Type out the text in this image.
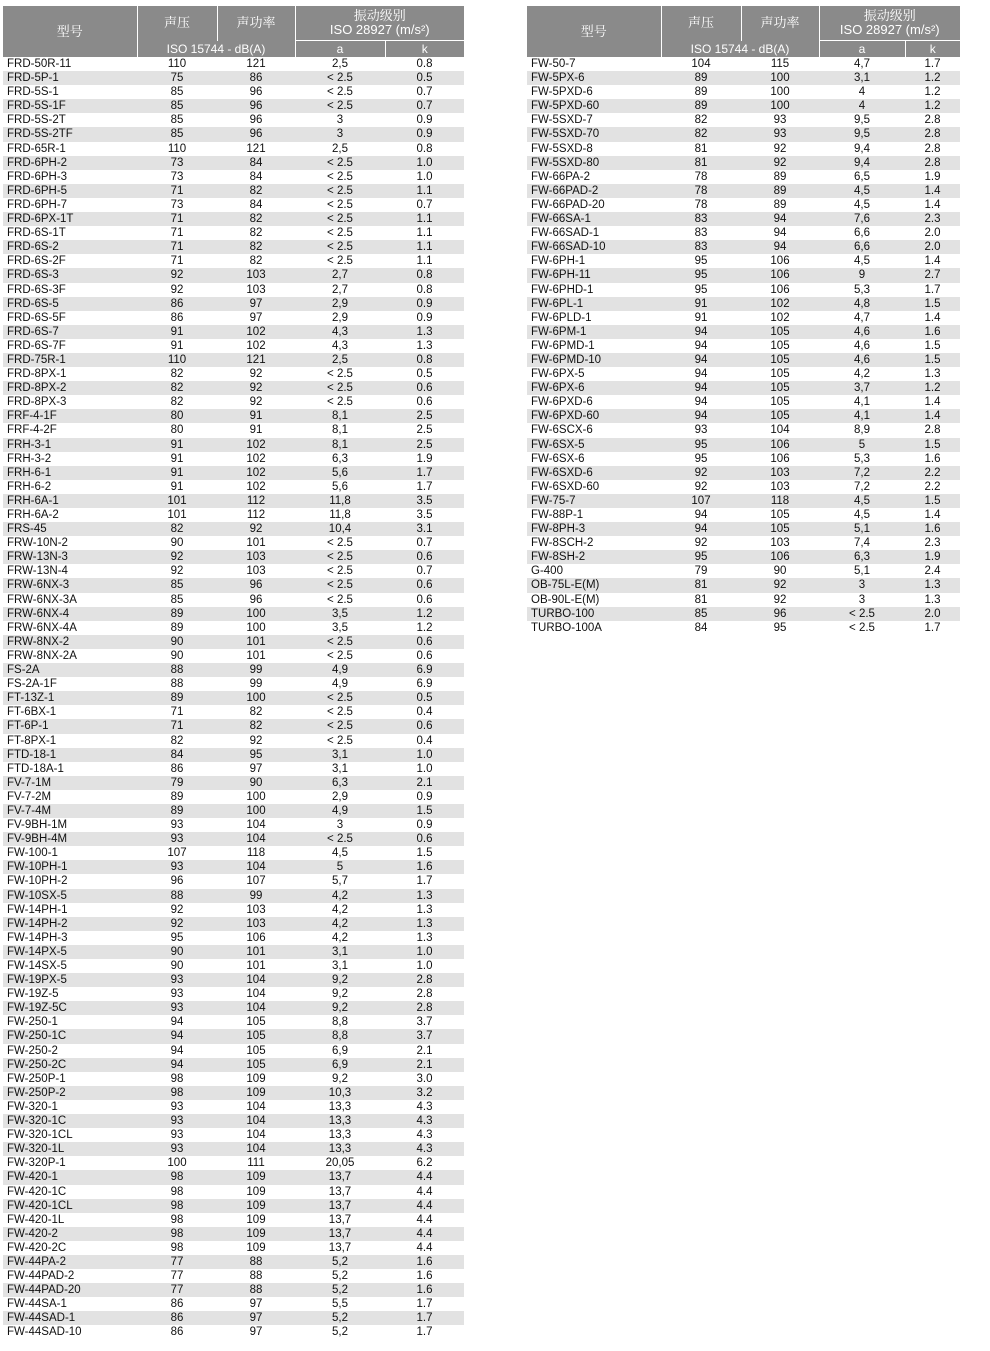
型号	声压	声功率	振动级别
ISO 28927 (m/s²)	

	ISO 15744 - dB(A)		a	k
FRD-50R-11	110	121	2,5	0.8
FRD-5P-1	75	86	< 2.5	0.5
FRD-5S-1	85	96	< 2.5	0.7
FRD-5S-1F	85	96	< 2.5	0.7
FRD-5S-2T	85	96	3	0.9
FRD-5S-2TF	85	96	3	0.9
FRD-65R-1	110	121	2,5	0.8
FRD-6PH-2	73	84	< 2.5	1.0
FRD-6PH-3	73	84	< 2.5	1.0
FRD-6PH-5	71	82	< 2.5	1.1
FRD-6PH-7	73	84	< 2.5	0.7
FRD-6PX-1T	71	82	< 2.5	1.1
FRD-6S-1T	71	82	< 2.5	1.1
FRD-6S-2	71	82	< 2.5	1.1
FRD-6S-2F	71	82	< 2.5	1.1
FRD-6S-3	92	103	2,7	0.8
FRD-6S-3F	92	103	2,7	0.8
FRD-6S-5	86	97	2,9	0.9
FRD-6S-5F	86	97	2,9	0.9
FRD-6S-7	91	102	4,3	1.3
FRD-6S-7F	91	102	4,3	1.3
FRD-75R-1	110	121	2,5	0.8
FRD-8PX-1	82	92	< 2.5	0.5
FRD-8PX-2	82	92	< 2.5	0.6
FRD-8PX-3	82	92	< 2.5	0.6
FRF-4-1F	80	91	8,1	2.5
FRF-4-2F	80	91	8,1	2.5
FRH-3-1	91	102	8,1	2.5
FRH-3-2	91	102	6,3	1.9
FRH-6-1	91	102	5,6	1.7
FRH-6-2	91	102	5,6	1.7
FRH-6A-1	101	112	11,8	3.5
FRH-6A-2	101	112	11,8	3.5
FRS-45	82	92	10,4	3.1
FRW-10N-2	90	101	< 2.5	0.7
FRW-13N-3	92	103	< 2.5	0.6
FRW-13N-4	92	103	< 2.5	0.7
FRW-6NX-3	85	96	< 2.5	0.6
FRW-6NX-3A	85	96	< 2.5	0.6
FRW-6NX-4	89	100	3,5	1.2
FRW-6NX-4A	89	100	3,5	1.2
FRW-8NX-2	90	101	< 2.5	0.6
FRW-8NX-2A	90	101	< 2.5	0.6
FS-2A	88	99	4,9	6.9
FS-2A-1F	88	99	4,9	6.9
FT-13Z-1	89	100	< 2.5	0.5
FT-6BX-1	71	82	< 2.5	0.4
FT-6P-1	71	82	< 2.5	0.6
FT-8PX-1	82	92	< 2.5	0.4
FTD-18-1	84	95	3,1	1.0
FTD-18A-1	86	97	3,1	1.0
FV-7-1M	79	90	6,3	2.1
FV-7-2M	89	100	2,9	0.9
FV-7-4M	89	100	4,9	1.5
FV-9BH-1M	93	104	3	0.9
FV-9BH-4M	93	104	< 2.5	0.6
FW-100-1	107	118	4,5	1.5
FW-10PH-1	93	104	5	1.6
FW-10PH-2	96	107	5,7	1.7
FW-10SX-5	88	99	4,2	1.3
FW-14PH-1	92	103	4,2	1.3
FW-14PH-2	92	103	4,2	1.3
FW-14PH-3	95	106	4,2	1.3
FW-14PX-5	90	101	3,1	1.0
FW-14SX-5	90	101	3,1	1.0
FW-19PX-5	93	104	9,2	2.8
FW-19Z-5	93	104	9,2	2.8
FW-19Z-5C	93	104	9,2	2.8
FW-250-1	94	105	8,8	3.7
FW-250-1C	94	105	8,8	3.7
FW-250-2	94	105	6,9	2.1
FW-250-2C	94	105	6,9	2.1
FW-250P-1	98	109	9,2	3.0
FW-250P-2	98	109	10,3	3.2
FW-320-1	93	104	13,3	4.3
FW-320-1C	93	104	13,3	4.3
FW-320-1CL	93	104	13,3	4.3
FW-320-1L	93	104	13,3	4.3
FW-320P-1	100	111	20,05	6.2
FW-420-1	98	109	13,7	4.4
FW-420-1C	98	109	13,7	4.4
FW-420-1CL	98	109	13,7	4.4
FW-420-1L	98	109	13,7	4.4
FW-420-2	98	109	13,7	4.4
FW-420-2C	98	109	13,7	4.4
FW-44PA-2	77	88	5,2	1.6
FW-44PAD-2	77	88	5,2	1.6
FW-44PAD-20	77	88	5,2	1.6
FW-44SA-1	86	97	5,5	1.7
FW-44SAD-1	86	97	5,2	1.7
FW-44SAD-10	86	97	5,2	1.7
型号	声压	声功率	振动级别
ISO 28927 (m/s²)	

	ISO 15744 - dB(A)		a	k
FW-50-7	104	115	4,7	1.7
FW-5PX-6	89	100	3,1	1.2
FW-5PXD-6	89	100	4	1.2
FW-5PXD-60	89	100	4	1.2
FW-5SXD-7	82	93	9,5	2.8
FW-5SXD-70	82	93	9,5	2.8
FW-5SXD-8	81	92	9,4	2.8
FW-5SXD-80	81	92	9,4	2.8
FW-66PA-2	78	89	6,5	1.9
FW-66PAD-2	78	89	4,5	1.4
FW-66PAD-20	78	89	4,5	1.4
FW-66SA-1	83	94	7,6	2.3
FW-66SAD-1	83	94	6,6	2.0
FW-66SAD-10	83	94	6,6	2.0
FW-6PH-1	95	106	4,5	1.4
FW-6PH-11	95	106	9	2.7
FW-6PHD-1	95	106	5,3	1.7
FW-6PL-1	91	102	4,8	1.5
FW-6PLD-1	91	102	4,7	1.4
FW-6PM-1	94	105	4,6	1.6
FW-6PMD-1	94	105	4,6	1.5
FW-6PMD-10	94	105	4,6	1.5
FW-6PX-5	94	105	4,2	1.3
FW-6PX-6	94	105	3,7	1.2
FW-6PXD-6	94	105	4,1	1.4
FW-6PXD-60	94	105	4,1	1.4
FW-6SCX-6	93	104	8,9	2.8
FW-6SX-5	95	106	5	1.5
FW-6SX-6	95	106	5,3	1.6
FW-6SXD-6	92	103	7,2	2.2
FW-6SXD-60	92	103	7,2	2.2
FW-75-7	107	118	4,5	1.5
FW-88P-1	94	105	4,5	1.4
FW-8PH-3	94	105	5,1	1.6
FW-8SCH-2	92	103	7,4	2.3
FW-8SH-2	95	106	6,3	1.9
G-400	79	90	5,1	2.4
OB-75L-E(M)	81	92	3	1.3
OB-90L-E(M)	81	92	3	1.3
TURBO-100	85	96	< 2.5	2.0
TURBO-100A	84	95	< 2.5	1.7
